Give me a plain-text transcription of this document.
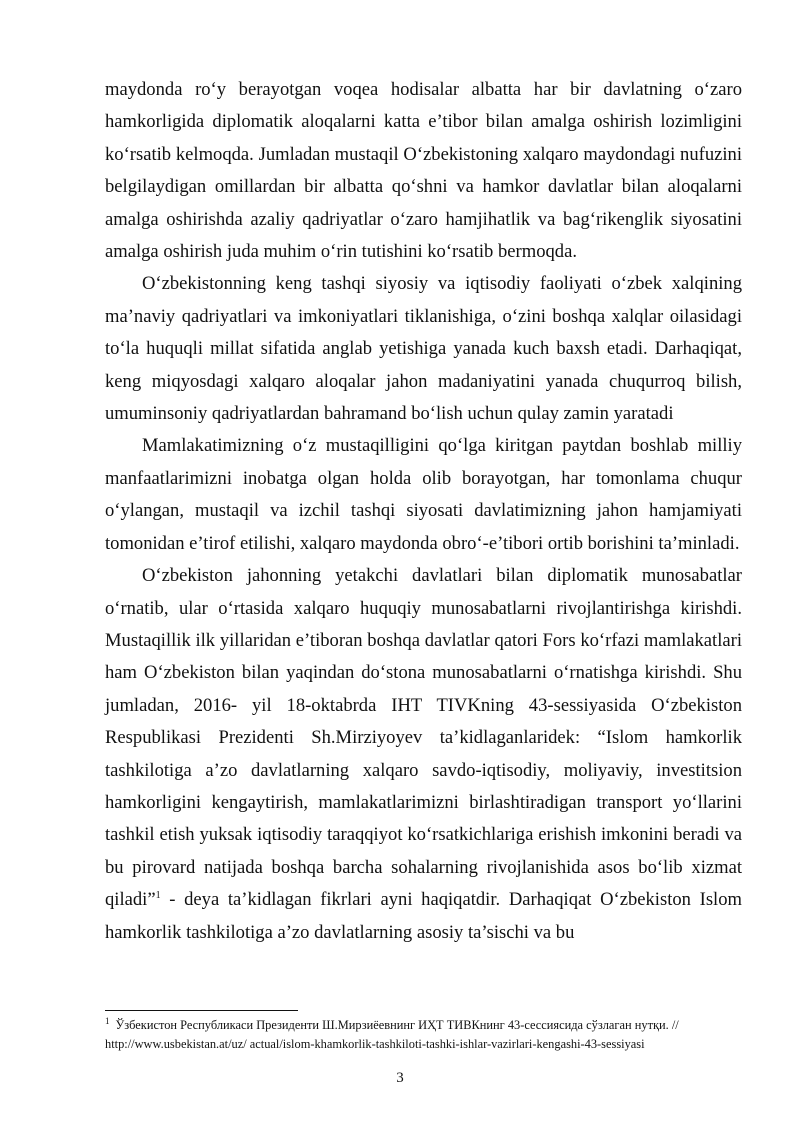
maydonda ro‘y berayotgan voqea hodisalar albatta har bir davlatning o‘zaro hamkorligida diplomatik aloqalarni katta e’tibor bilan amalga oshirish lozimligini ko‘rsatib kelmoqda. Jumladan mustaqil O‘zbekistoning xalqaro maydondagi nufuzini belgilaydigan omillardan bir albatta qo‘shni va hamkor davlatlar bilan aloqalarni amalga oshirishda azaliy qadriyatlar o‘zaro hamjihatlik va bag‘rikenglik siyosatini amalga oshirish juda muhim o‘rin tutishini ko‘rsatib bermoqda.

O‘zbekistonning keng tashqi siyosiy va iqtisodiy faoliyati o‘zbek xalqining ma’naviy qadriyatlari va imkoniyatlari tiklanishiga, o‘zini boshqa xalqlar oilasidagi to‘la huquqli millat sifatida anglab yetishiga yanada kuch baxsh etadi. Darhaqiqat, keng miqyosdagi xalqaro aloqalar jahon madaniyatini yanada chuqurroq bilish, umuminsoniy qadriyatlardan bahramand bo‘lish uchun qulay zamin yaratadi

Mamlakatimizning o‘z mustaqilligini qo‘lga kiritgan paytdan boshlab milliy manfaatlarimizni inobatga olgan holda olib borayotgan, har tomonlama chuqur o‘ylangan, mustaqil va izchil tashqi siyosati davlatimizning jahon hamjamiyati tomonidan e’tirof etilishi, xalqaro maydonda obro‘-e’tibori ortib borishini ta’minladi.

O‘zbekiston jahonning yetakchi davlatlari bilan diplomatik munosabatlar o‘rnatib, ular o‘rtasida xalqaro huquqiy munosabatlarni rivojlantirishga kirishdi. Mustaqillik ilk yillaridan e’tiboran boshqa davlatlar qatori Fors ko‘rfazi mamlakatlari ham O‘zbekiston bilan yaqindan do‘stona munosabatlarni o‘rnatishga kirishdi. Shu jumladan, 2016- yil 18-oktabrda IHT TIVKning 43-sessiyasida O‘zbekiston Respublikasi Prezidenti Sh.Mirziyoyev ta’kidlaganlaridek: “Islom hamkorlik tashkilotiga a’zo davlatlarning xalqaro savdo-iqtisodiy, moliyaviy, investitsion hamkorligini kengaytirish, mamlakatlarimizni birlashtiradigan transport yo‘llarini tashkil etish yuksak iqtisodiy taraqqiyot ko‘rsatkichlariga erishish imkonini beradi va bu pirovard natijada boshqa barcha sohalarning rivojlanishida asos bo‘lib xizmat qiladi”$^1$ - deya ta’kidlagan fikrlari ayni haqiqatdir. Darhaqiqat O‘zbekiston Islom hamkorlik tashkilotiga a’zo davlatlarning asosiy ta’sischi va bu

$^1$ Ўзбекистон Республикаси Президенти Ш.Мирзиёевнинг ИҲТ ТИВКнинг 43-сессиясида сўзлаган нутқи. //

http://www.usbekistan.at/uz/ actual/islom-khamkorlik-tashkiloti-tashki-ishlar-vazirlari-kengashi-43-sessiyasi

3
